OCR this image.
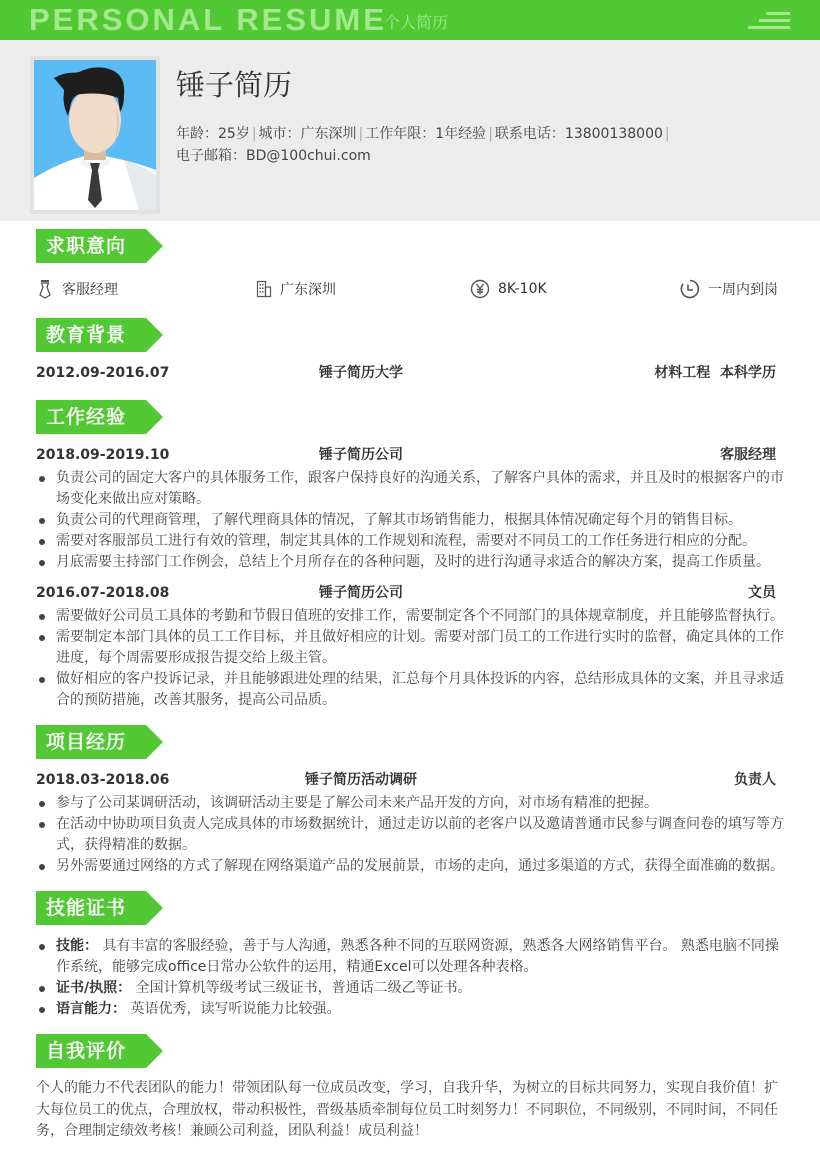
PERSONAL RESUME
个人简历
锤子简历
年龄：25岁 | 城市：广东深圳 | 工作年限：1年经验 | 联系电话：13800138000 |
电子邮箱：BD@100chui.com
求职意向
客服经理	广东深圳	8K-10K	一周内到岗
教育背景
2012.09-2016.07	锤子简历大学	材料工程  本科学历
工作经验
2018.09-2019.10	锤子简历公司	客服经理
负责公司的固定大客户的具体服务工作，跟客户保持良好的沟通关系，了解客户具体的需求，并且及时的根据客户的市场变化来做出应对策略。
负责公司的代理商管理，了解代理商具体的情况，了解其市场销售能力，根据具体情况确定每个月的销售目标。
需要对客服部员工进行有效的管理，制定其具体的工作规划和流程，需要对不同员工的工作任务进行相应的分配。
月底需要主持部门工作例会，总结上个月所存在的各种问题，及时的进行沟通寻求适合的解决方案，提高工作质量。
2016.07-2018.08	锤子简历公司	文员
需要做好公司员工具体的考勤和节假日值班的安排工作，需要制定各个不同部门的具体规章制度，并且能够监督执行。
需要制定本部门具体的员工工作目标，并且做好相应的计划。需要对部门员工的工作进行实时的监督，确定具体的工作进度，每个周需要形成报告提交给上级主管。
做好相应的客户投诉记录，并且能够跟进处理的结果，汇总每个月具体投诉的内容，总结形成具体的文案，并且寻求适合的预防措施，改善其服务，提高公司品质。
项目经历
2018.03-2018.06	锤子简历活动调研	负责人
参与了公司某调研活动，该调研活动主要是了解公司未来产品开发的方向，对市场有精准的把握。
在活动中协助项目负责人完成具体的市场数据统计，通过走访以前的老客户以及邀请普通市民参与调查问卷的填写等方式，获得精准的数据。
另外需要通过网络的方式了解现在网络渠道产品的发展前景，市场的走向，通过多渠道的方式，获得全面准确的数据。
技能证书
技能： 具有丰富的客服经验，善于与人沟通，熟悉各种不同的互联网资源，熟悉各大网络销售平台。 熟悉电脑不同操作系统，能够完成office日常办公软件的运用，精通Excel可以处理各种表格。
证书/执照： 全国计算机等级考试三级证书，普通话二级乙等证书。
语言能力： 英语优秀，读写听说能力比较强。
自我评价
个人的能力不代表团队的能力！带领团队每一位成员改变，学习，自我升华，为树立的目标共同努力，实现自我价值！扩大每位员工的优点，合理放权，带动积极性，晋级基质牵制每位员工时刻努力！不同职位，不同级别，不同时间，不同任务，合理制定绩效考核！兼顾公司利益，团队利益！成员利益！
